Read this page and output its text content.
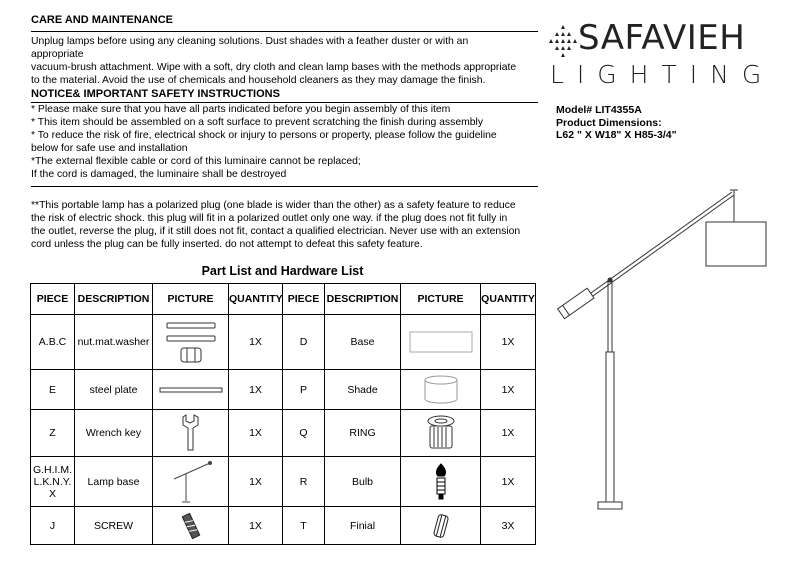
CARE AND MAINTENANCE
Unplug lamps before using any cleaning solutions. Dust shades with a feather duster or with an
appropriate
vacuum-brush attachment. Wipe with a soft, dry cloth and clean lamp bases with the methods appropriate
to the material. Avoid the use of chemicals and household cleaners as they may damage the finish.
NOTICE& IMPORTANT SAFETY INSTRUCTIONS
* Please make sure that you have all parts indicated before you begin assembly of this item
* This item should be assembled on a soft surface to prevent scratching the finish during assembly
* To reduce the risk of fire, electrical shock or injury to persons or property, please follow the guideline
below for safe use and installation
*The external flexible cable or cord of this luminaire cannot be replaced;
If the cord is damaged, the luminaire shall be destroyed
**This portable lamp has a polarized plug (one blade is wider than the other) as a safety feature to reduce
the risk of electric shock. this plug will fit in a polarized outlet only one way. if the plug does not fit fully in
the outlet, reverse the plug, if it still does not fit, contact a qualified electrician. Never use with an extension
cord unless the plug can be fully inserted. do not attempt to defeat this safety feature.
Part List and Hardware List
SAFAVIEH
LIGHTING
Model# LIT4355A
Product Dimensions:
L62 " X W18" X H85-3/4"
PIECE	DESCRIPTION	PICTURE	QUANTITY	PIECE	DESCRIPTION	PICTURE	QUANTITY
A.B.C	nut.mat.washer		1X	D	Base		1X
E	steel plate		1X	P	Shade		1X
Z	Wrench key		1X	Q	RING		1X
G.H.I.M.
L.K.N.Y.
X	Lamp base		1X	R	Bulb		1X
J	SCREW		1X	T	Finial		3X
